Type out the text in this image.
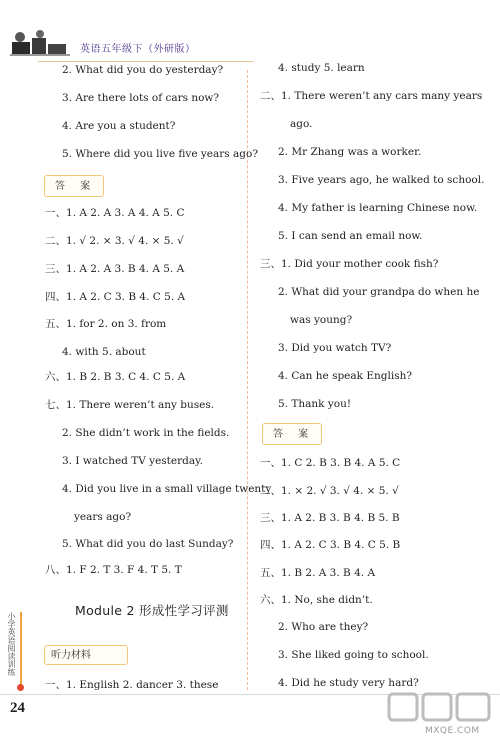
英语五年级下（外研版）
2. What did you do yesterday?
3. Are there lots of cars now?
4. Are you a student?
5. Where did you live five years ago?
答 案
一、1. A 2. A 3. A 4. A 5. C
二、1. √ 2. × 3. √ 4. × 5. √
三、1. A 2. A 3. B 4. A 5. A
四、1. A 2. C 3. B 4. C 5. A
五、1. for 2. on 3. from
4. with 5. about
六、1. B 2. B 3. C 4. C 5. A
七、1. There weren’t any buses.
2. She didn’t work in the fields.
3. I watched TV yesterday.
4. Did you live in a small village twenty
years ago?
5. What did you do last Sunday?
八、1. F 2. T 3. F 4. T 5. T
Module 2 形成性学习评测
听力材料
一、1. English 2. dancer 3. these
4. study 5. learn
二、1. There weren’t any cars many years
ago.
2. Mr Zhang was a worker.
3. Five years ago, he walked to school.
4. My father is learning Chinese now.
5. I can send an email now.
三、1. Did your mother cook fish?
2. What did your grandpa do when he
was young?
3. Did you watch TV?
4. Can he speak English?
5. Thank you!
答 案
一、1. C 2. B 3. B 4. A 5. C
二、1. × 2. √ 3. √ 4. × 5. √
三、1. A 2. B 3. B 4. B 5. B
四、1. A 2. C 3. B 4. C 5. B
五、1. B 2. A 3. B 4. A
六、1. No, she didn’t.
2. Who are they?
3. She liked going to school.
4. Did he study very hard?
小学英语阅读训练
24
MXQE.COM
